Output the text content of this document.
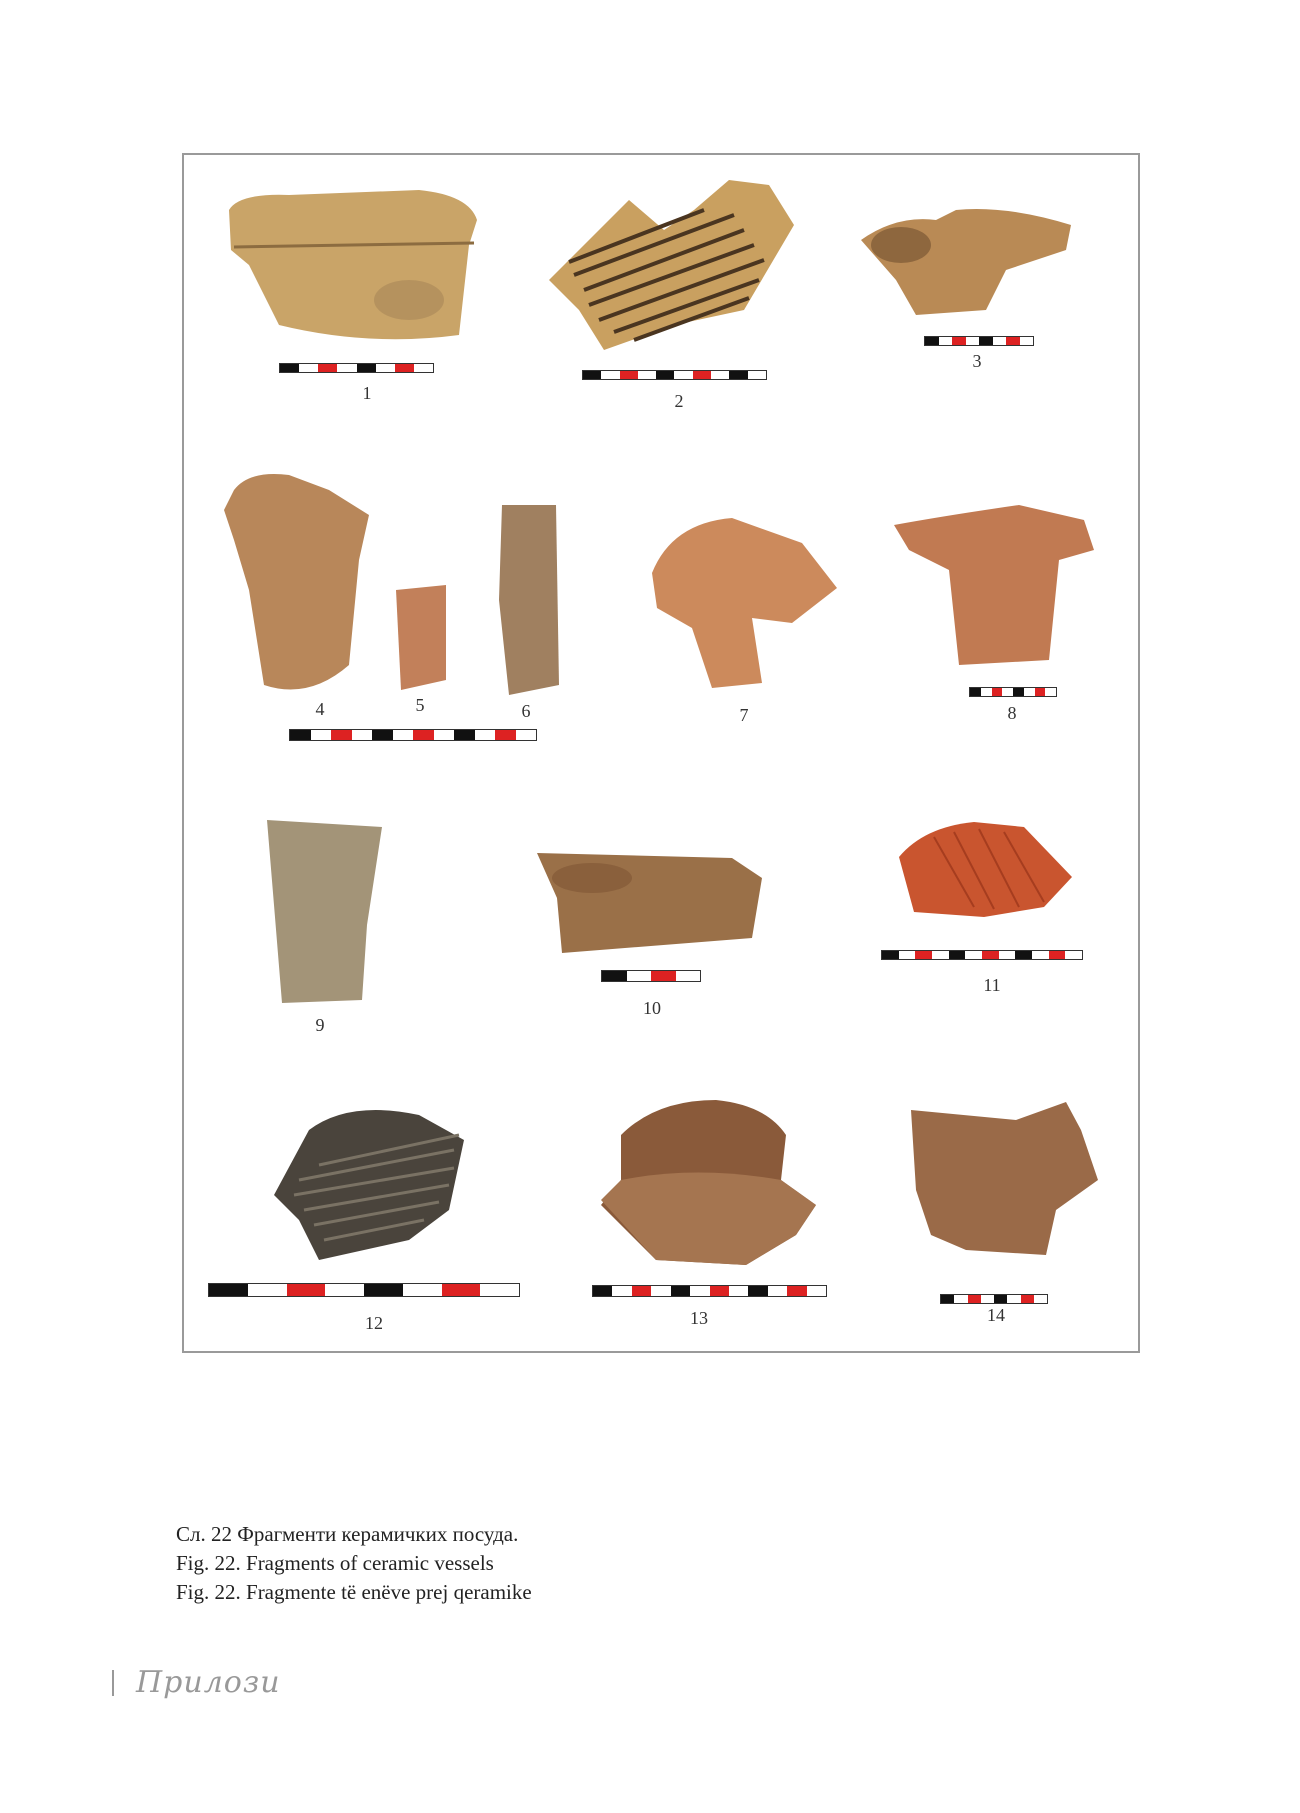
1	2
3
4	5	6	7	8
9
10
11
12	13	14
Сл. 22 Фрагменти керамичких посуда.
Fig. 22. Fragments of ceramic vessels
Fig. 22. Fragmente të enëve prej qeramike
Прилози
